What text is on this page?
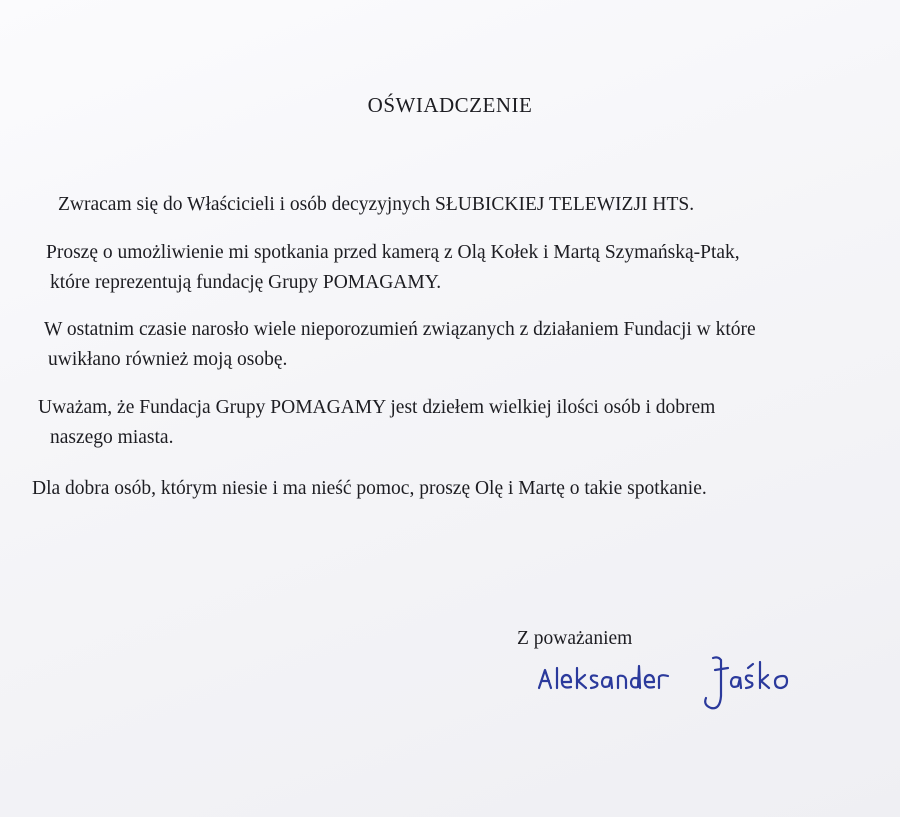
OŚWIADCZENIE

Zwracam się do Właścicieli i osób decyzyjnych SŁUBICKIEJ TELEWIZJI HTS.

Proszę o umożliwienie mi spotkania przed kamerą z Olą Kołek i Martą Szymańską-Ptak,
które reprezentują fundację Grupy POMAGAMY.

W ostatnim czasie narosło wiele nieporozumień związanych z działaniem Fundacji w które
uwikłano również moją osobę.

Uważam, że Fundacja Grupy POMAGAMY jest dziełem wielkiej ilości osób i dobrem
naszego miasta.

Dla dobra osób, którym niesie i ma nieść pomoc, proszę Olę i Martę o takie spotkanie.

Z poważaniem
